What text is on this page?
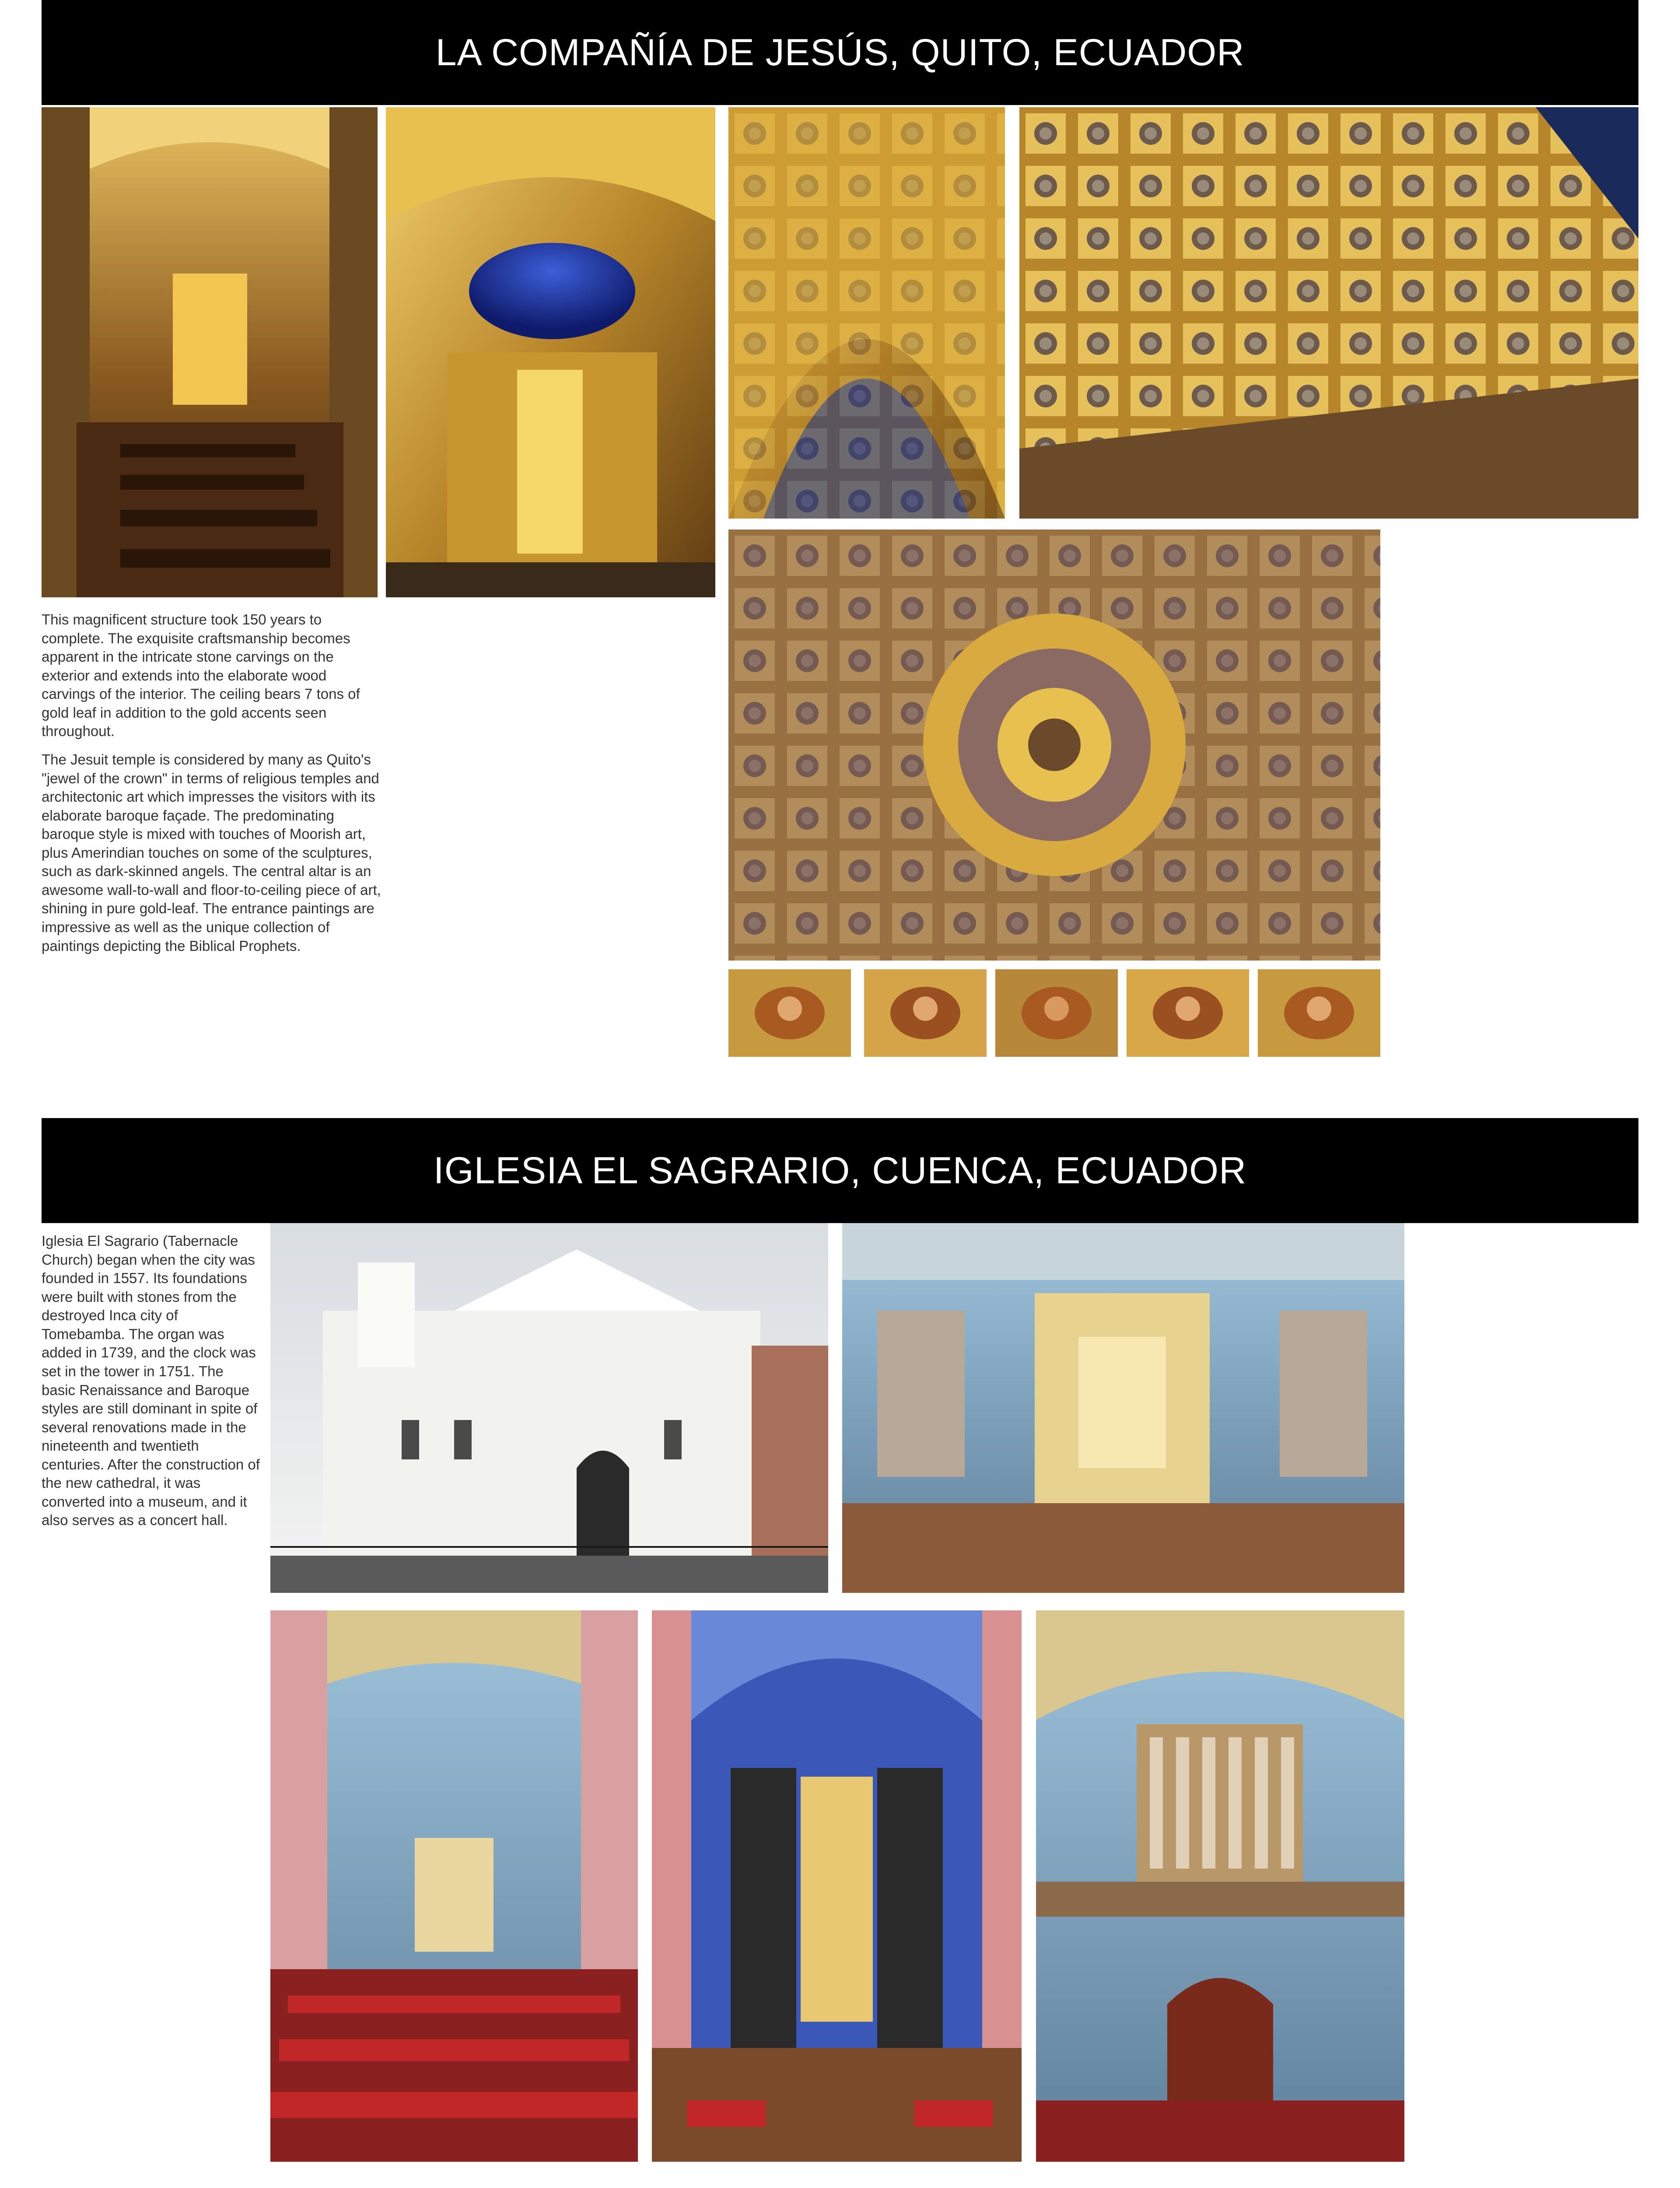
LA COMPAÑÍA DE JESÚS, QUITO, ECUADOR

This magnificent structure took 150 years to complete. The exquisite craftsmanship becomes apparent in the intricate stone carvings on the exterior and extends into the elaborate wood carvings of the interior. The ceiling bears 7 tons of gold leaf in addition to the gold accents seen throughout.

The Jesuit temple is considered by many as Quito's "jewel of the crown" in terms of religious temples and architectonic art which impresses the visitors with its elaborate baroque façade. The predominating baroque style is mixed with touches of Moorish art, plus Amerindian touches on some of the sculptures, such as dark-skinned angels. The central altar is an awesome wall-to-wall and floor-to-ceiling piece of art, shining in pure gold-leaf. The entrance paintings are impressive as well as the unique collection of paintings depicting the Biblical Prophets.

IGLESIA EL SAGRARIO, CUENCA, ECUADOR

Iglesia El Sagrario (Tabernacle Church) began when the city was founded in 1557. Its foundations were built with stones from the destroyed Inca city of Tomebamba. The organ was added in 1739, and the clock was set in the tower in 1751. The basic Renaissance and Baroque styles are still dominant in spite of several renovations made in the nineteenth and twentieth centuries. After the construction of the new cathedral, it was converted into a museum, and it also serves as a concert hall.
